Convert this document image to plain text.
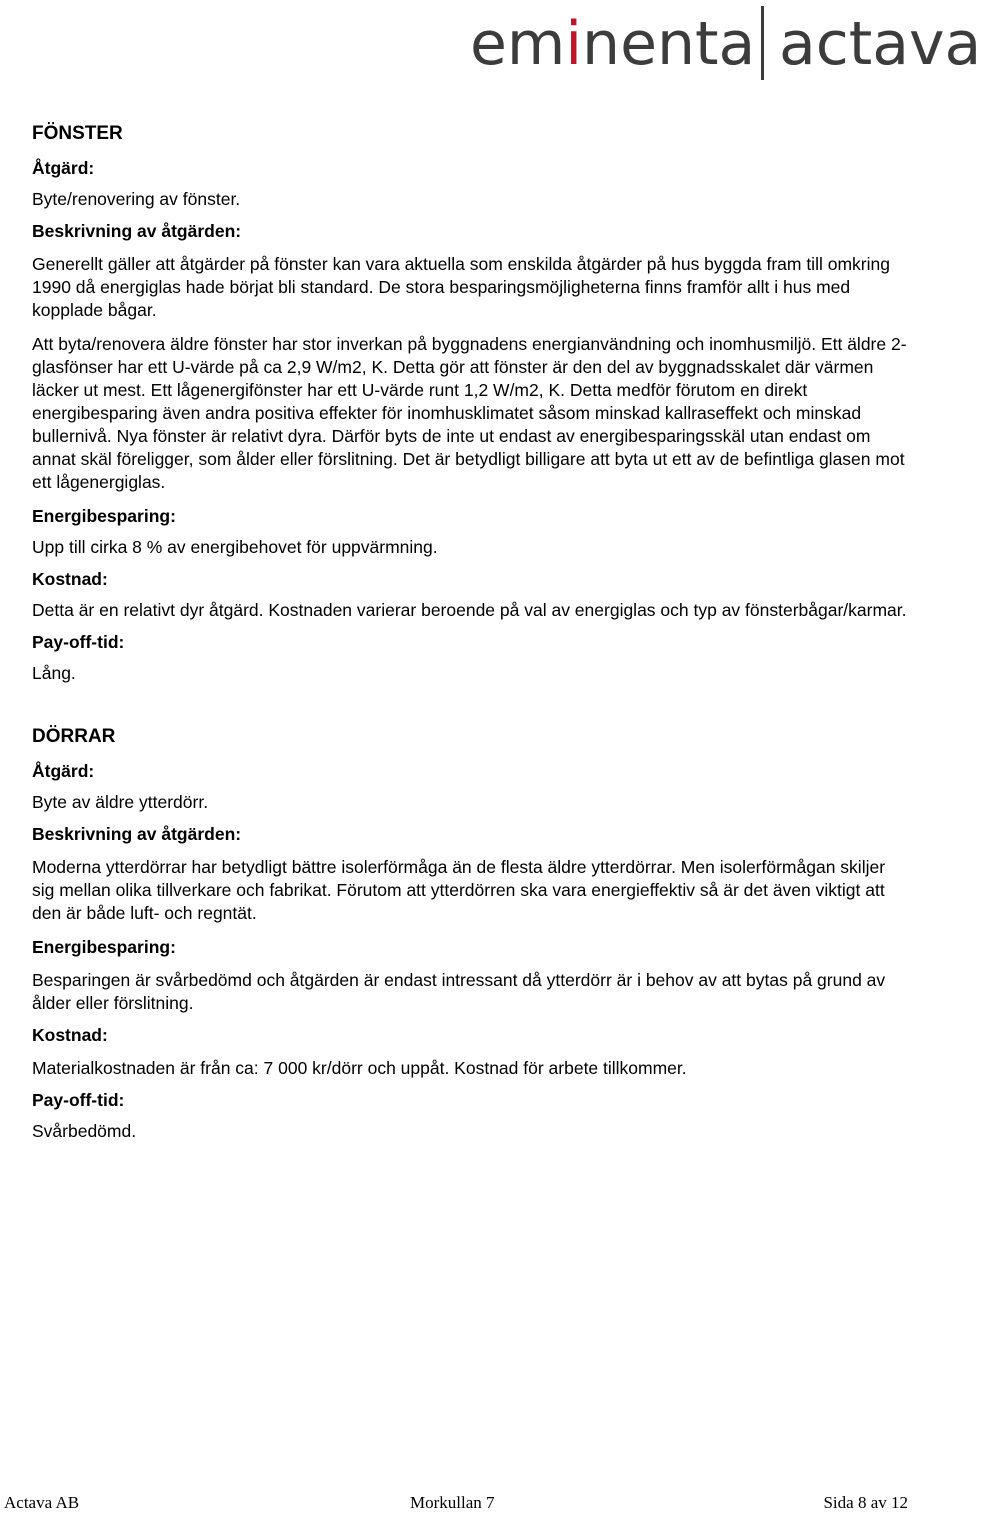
eminenta actava

FÖNSTER

Åtgärd:

Byte/renovering av fönster.

Beskrivning av åtgärden:

Generellt gäller att åtgärder på fönster kan vara aktuella som enskilda åtgärder på hus byggda fram till omkring 1990 då energiglas hade börjat bli standard. De stora besparingsmöjligheterna finns framför allt i hus med kopplade bågar.

Att byta/renovera äldre fönster har stor inverkan på byggnadens energianvändning och inomhusmiljö. Ett äldre 2-glasfönser har ett U-värde på ca 2,9 W/m2, K. Detta gör att fönster är den del av byggnadsskalet där värmen läcker ut mest. Ett lågenergifönster har ett U-värde runt 1,2 W/m2, K. Detta medför förutom en direkt energibesparing även andra positiva effekter för inomhusklimatet såsom minskad kallraseffekt och minskad bullernivå. Nya fönster är relativt dyra. Därför byts de inte ut endast av energibesparingsskäl utan endast om annat skäl föreligger, som ålder eller förslitning. Det är betydligt billigare att byta ut ett av de befintliga glasen mot ett lågenergiglas.

Energibesparing:

Upp till cirka 8 % av energibehovet för uppvärmning.

Kostnad:

Detta är en relativt dyr åtgärd. Kostnaden varierar beroende på val av energiglas och typ av fönsterbågar/karmar.

Pay-off-tid:

Lång.

DÖRRAR

Åtgärd:

Byte av äldre ytterdörr.

Beskrivning av åtgärden:

Moderna ytterdörrar har betydligt bättre isolerförmåga än de flesta äldre ytterdörrar. Men isolerförmågan skiljer sig mellan olika tillverkare och fabrikat. Förutom att ytterdörren ska vara energieffektiv så är det även viktigt att den är både luft- och regntät.

Energibesparing:

Besparingen är svårbedömd och åtgärden är endast intressant då ytterdörr är i behov av att bytas på grund av ålder eller förslitning.

Kostnad:

Materialkostnaden är från ca: 7 000 kr/dörr och uppåt. Kostnad för arbete tillkommer.

Pay-off-tid:

Svårbedömd.

Actava AB	Morkullan 7	Sida 8 av 12
